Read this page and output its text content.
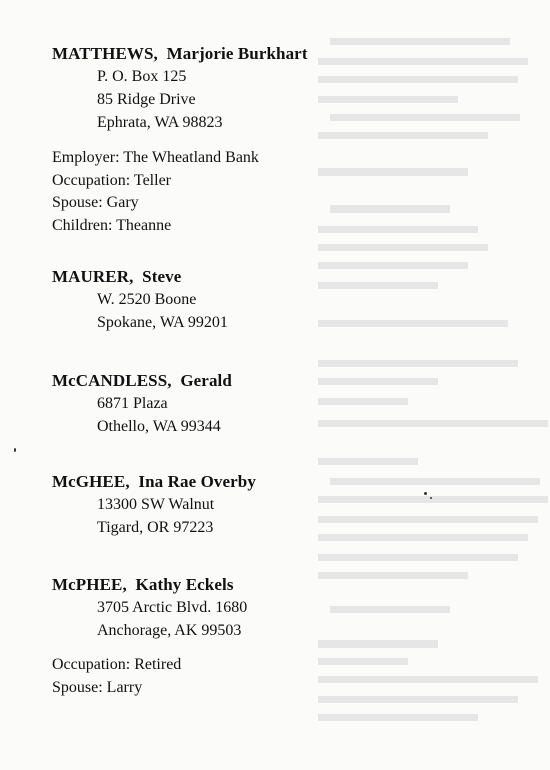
MATTHEWS, Marjorie Burkhart
P. O. Box 125
85 Ridge Drive
Ephrata, WA 98823
Employer: The Wheatland Bank
Occupation: Teller
Spouse: Gary
Children: Theanne
MAURER, Steve
W. 2520 Boone
Spokane, WA 99201
McCANDLESS, Gerald
6871 Plaza
Othello, WA 99344
McGHEE, Ina Rae Overby
13300 SW Walnut
Tigard, OR 97223
McPHEE, Kathy Eckels
3705 Arctic Blvd. 1680
Anchorage, AK 99503
Occupation: Retired
Spouse: Larry
